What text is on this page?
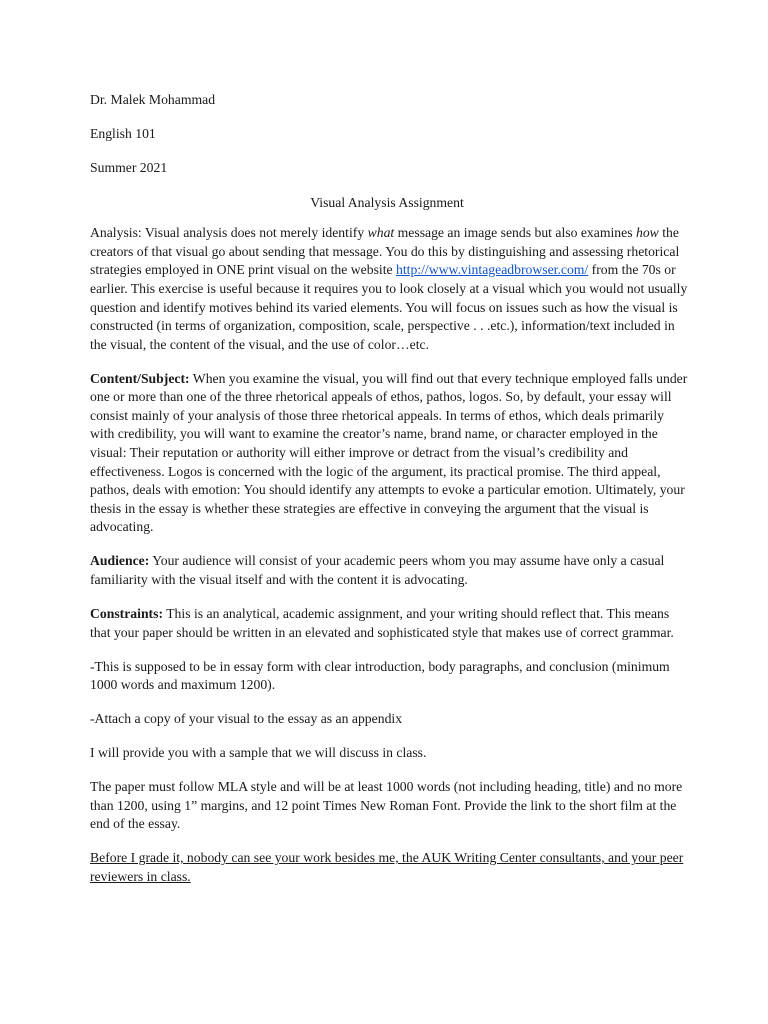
Dr. Malek Mohammad

English 101

Summer 2021

Visual Analysis Assignment

Analysis: Visual analysis does not merely identify what message an image sends but also examines how the creators of that visual go about sending that message. You do this by distinguishing and assessing rhetorical strategies employed in ONE print visual on the website http://www.vintageadbrowser.com/ from the 70s or earlier. This exercise is useful because it requires you to look closely at a visual which you would not usually question and identify motives behind its varied elements. You will focus on issues such as how the visual is constructed (in terms of organization, composition, scale, perspective . . .etc.), information/text included in the visual, the content of the visual, and the use of color…etc.

Content/Subject: When you examine the visual, you will find out that every technique employed falls under one or more than one of the three rhetorical appeals of ethos, pathos, logos. So, by default, your essay will consist mainly of your analysis of those three rhetorical appeals. In terms of ethos, which deals primarily with credibility, you will want to examine the creator’s name, brand name, or character employed in the visual: Their reputation or authority will either improve or detract from the visual’s credibility and effectiveness. Logos is concerned with the logic of the argument, its practical promise. The third appeal, pathos, deals with emotion: You should identify any attempts to evoke a particular emotion. Ultimately, your thesis in the essay is whether these strategies are effective in conveying the argument that the visual is advocating.

Audience: Your audience will consist of your academic peers whom you may assume have only a casual familiarity with the visual itself and with the content it is advocating.

Constraints: This is an analytical, academic assignment, and your writing should reflect that. This means that your paper should be written in an elevated and sophisticated style that makes use of correct grammar.

-This is supposed to be in essay form with clear introduction, body paragraphs, and conclusion (minimum 1000 words and maximum 1200).

-Attach a copy of your visual to the essay as an appendix

I will provide you with a sample that we will discuss in class.

The paper must follow MLA style and will be at least 1000 words (not including heading, title) and no more than 1200, using 1” margins, and 12 point Times New Roman Font. Provide the link to the short film at the end of the essay.

Before I grade it, nobody can see your work besides me, the AUK Writing Center consultants, and your peer reviewers in class.
